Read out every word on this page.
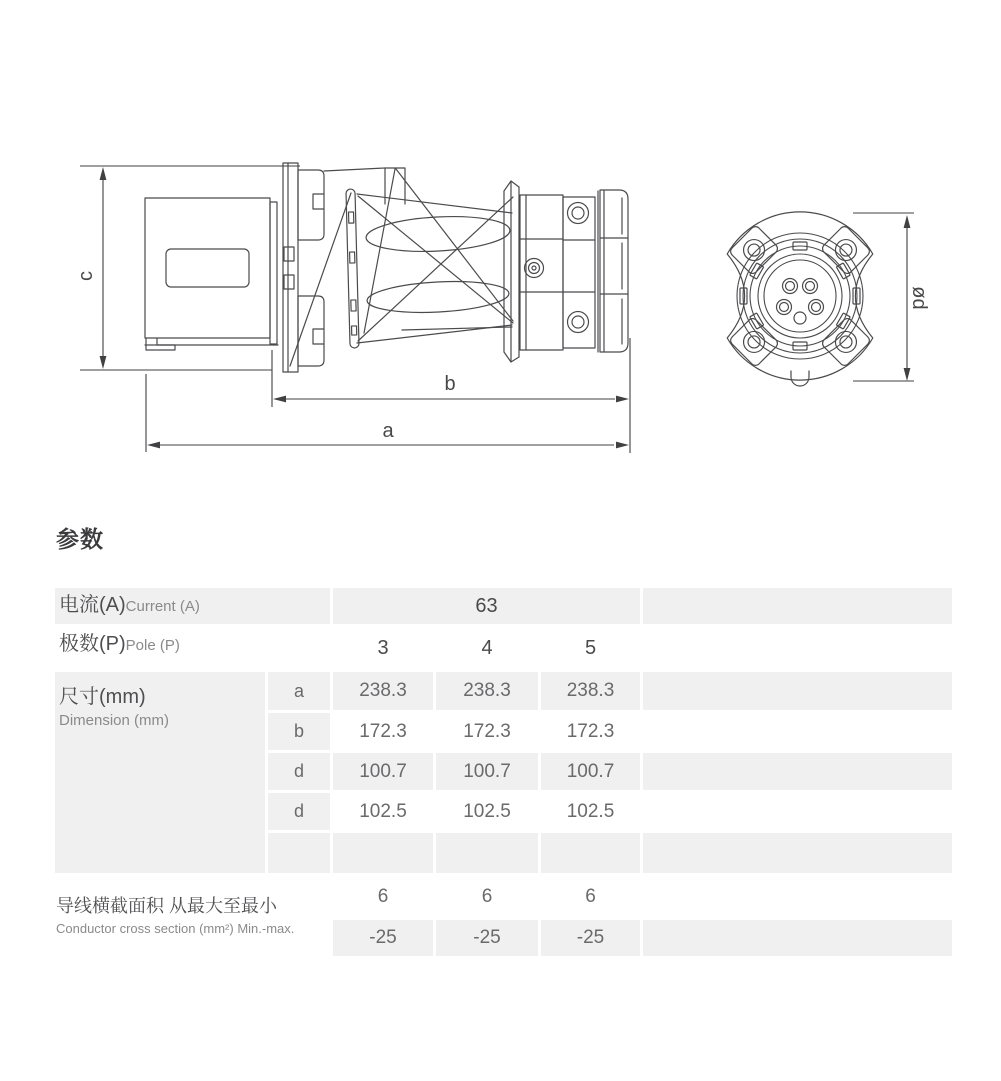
c
b
a
pø
参数
电流(A) Current (A)	63
极数(P) Pole (P)	3	4	5
尺寸(mm)
Dimension (mm)
a	238.3	238.3	238.3
b	172.3	172.3	172.3
d	100.7	100.7	100.7
d	102.5	102.5	102.5
导线横截面积 从最大至最小
Conductor cross section (mm²) Min.-max.
6	6	6
-25	-25	-25
